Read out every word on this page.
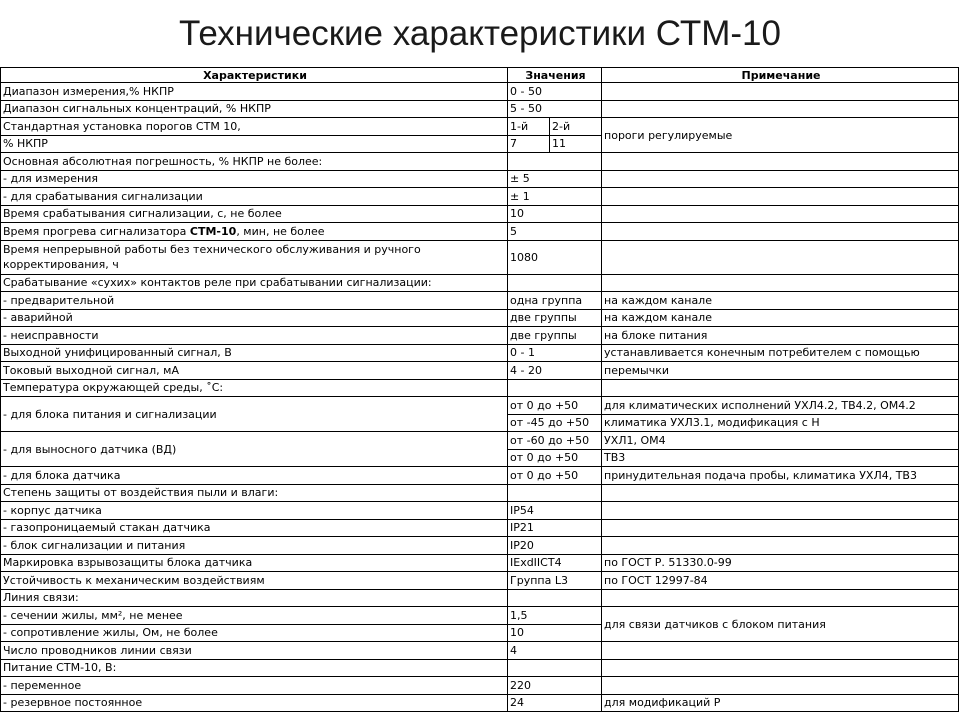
Технические характеристики СТМ-10
Характеристики	Значения		Примечание
Диапазон измерения,% НКПР	0 - 50		
Диапазон сигнальных концентраций, % НКПР	5 - 50		
Стандартная установка порогов СТМ 10,	1-й	2-й	пороги регулируемые
% НКПР	7	11	
Основная абсолютная погрешность, % НКПР не более:			
- для измерения	± 5		
- для срабатывания сигнализации	± 1		
Время срабатывания сигнализации, с, не более	10		
Время прогрева сигнализатора СТМ-10, мин, не более	5		
Время непрерывной работы без технического обслуживания и ручного корректирования, ч	1080		
Срабатывание «сухих» контактов реле при срабатывании сигнализации:			
- предварительной	одна группа		на каждом канале
- аварийной	две группы		на каждом канале
- неисправности	две группы		на блоке питания
Выходной унифицированный сигнал, В	0 - 1		устанавливается конечным потребителем с помощью
Токовый выходной сигнал, мА	4 - 20		перемычки
Температура окружающей среды, ˚С:			
- для блока питания и сигнализации	от 0 до +50		для климатических исполнений УХЛ4.2, ТВ4.2, ОМ4.2
	от -45 до +50		климатика УХЛ3.1, модификация с Н
- для выносного датчика (ВД)	от -60 до +50		УХЛ1, ОМ4
	от 0 до +50		ТВ3
- для блока датчика	от 0 до +50		принудительная подача пробы, климатика УХЛ4, ТВ3
Степень защиты от воздействия пыли и влаги:			
- корпус датчика	IP54		
- газопроницаемый стакан датчика	IP21		
- блок сигнализации и питания	IP20		
Маркировка взрывозащиты блока датчика	IExdIICT4		по ГОСТ Р. 51330.0-99
Устойчивость к механическим воздействиям	Группа L3		по ГОСТ 12997-84
Линия связи:			
- сечении жилы, мм², не менее	1,5		для связи датчиков с блоком питания
- сопротивление жилы, Ом, не более	10		
Число проводников линии связи	4		
Питание СТМ-10, В:			
- переменное	220		
- резервное постоянное	24		для модификаций Р
